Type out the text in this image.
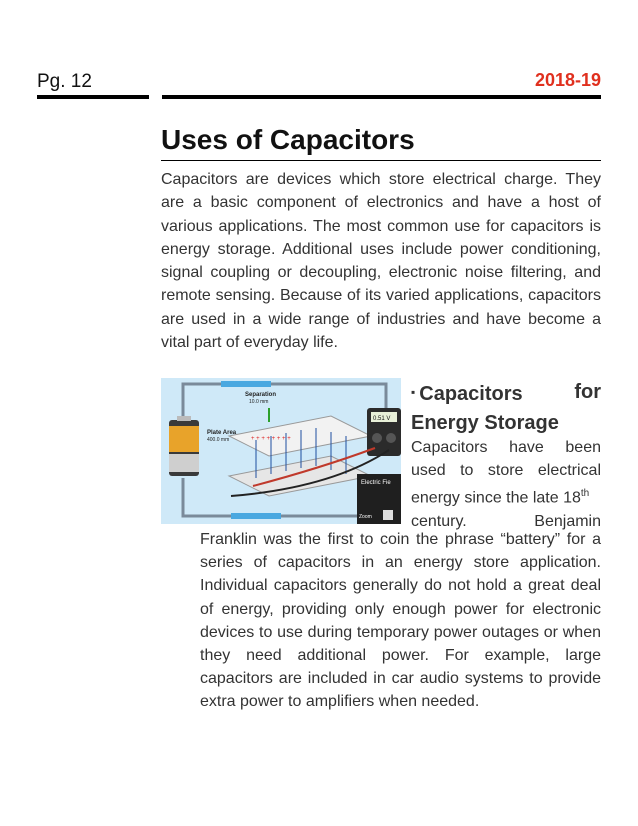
Pg. 12	2018-19
Uses of Capacitors

Capacitors are devices which store electrical charge. They are a basic component of electronics and have a host of various applications. The most common use for capacitors is energy storage. Additional uses include power conditioning, signal coupling or decoupling, electronic noise filtering, and remote sensing. Because of its varied applications, capacitors are used in a wide range of industries and have become a vital part of everyday life.

+ + + + + + + +
Separation
10.0 mm
Plate Area
400.0 mm
0.51 V
Electric Fie
Zoom
▪ Capacitors	for
Energy Storage

Capacitors have been used to store electrical energy since the late 18th
century.	Benjamin

Franklin was the first to coin the phrase “battery” for a series of capacitors in an energy store application. Individual capacitors generally do not hold a great deal of energy, providing only enough power for electronic devices to use during temporary power outages or when they need additional power. For example, large capacitors are included in car audio systems to provide extra power to amplifiers when needed.
